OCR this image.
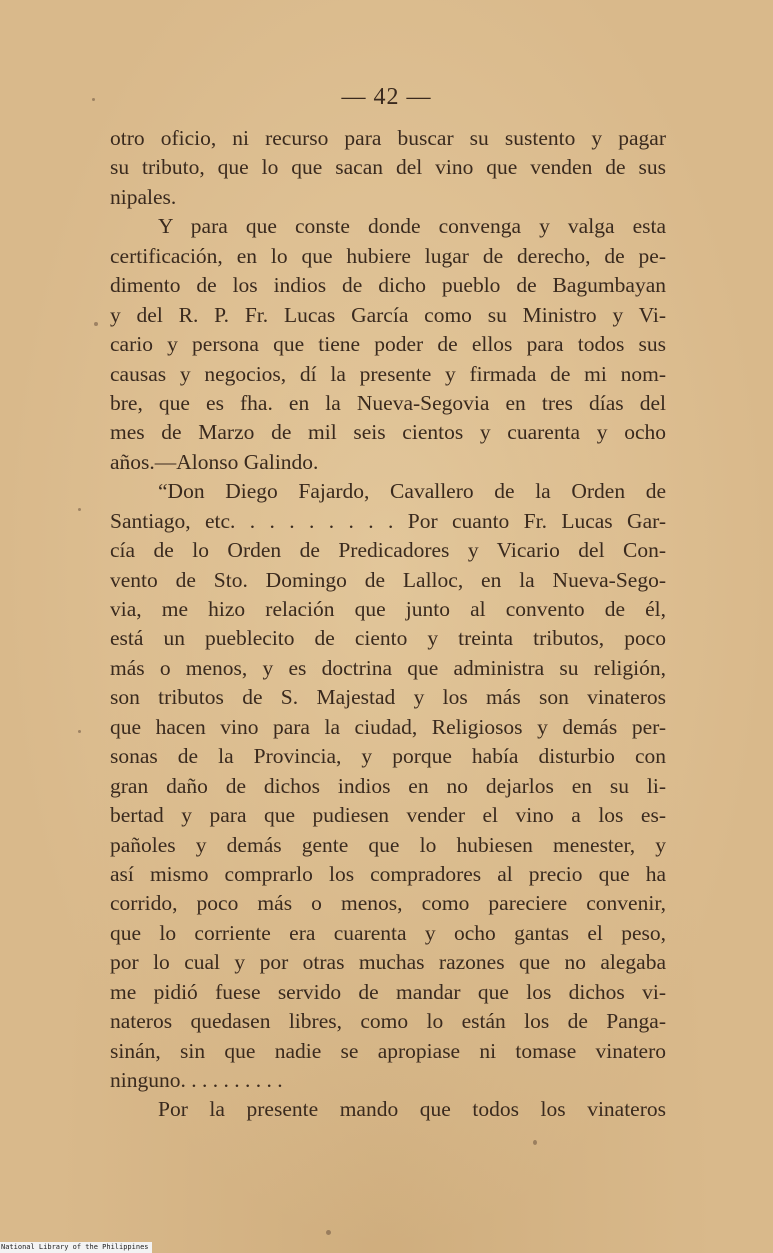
— 42 —
otro oficio, ni recurso para buscar su sustento y pagar
su tributo, que lo que sacan del vino que venden de sus
nipales.
Y para que conste donde convenga y valga esta
certificación, en lo que hubiere lugar de derecho, de pe-
dimento de los indios de dicho pueblo de Bagumbayan
y del R. P. Fr. Lucas García como su Ministro y Vi-
cario y persona que tiene poder de ellos para todos sus
causas y negocios, dí la presente y firmada de mi nom-
bre, que es fha. en la Nueva-Segovia en tres días del
mes de Marzo de mil seis cientos y cuarenta y ocho
años.—Alonso Galindo.
“Don Diego Fajardo, Cavallero de la Orden de
Santiago, etc. . . . . . . . . Por cuanto Fr. Lucas Gar-
cía de lo Orden de Predicadores y Vicario del Con-
vento de Sto. Domingo de Lalloc, en la Nueva-Sego-
via, me hizo relación que junto al convento de él,
está un pueblecito de ciento y treinta tributos, poco
más o menos, y es doctrina que administra su religión,
son tributos de S. Majestad y los más son vinateros
que hacen vino para la ciudad, Religiosos y demás per-
sonas de la Provincia, y porque había disturbio con
gran daño de dichos indios en no dejarlos en su li-
bertad y para que pudiesen vender el vino a los es-
pañoles y demás gente que lo hubiesen menester, y
así mismo comprarlo los compradores al precio que ha
corrido, poco más o menos, como pareciere convenir,
que lo corriente era cuarenta y ocho gantas el peso,
por lo cual y por otras muchas razones que no alegaba
me pidió fuese servido de mandar que los dichos vi-
nateros quedasen libres, como lo están los de Panga-
sinán, sin que nadie se apropiase ni tomase vinatero
ninguno. . . . . . . . . .
Por la presente mando que todos los vinateros
National Library of the Philippines
